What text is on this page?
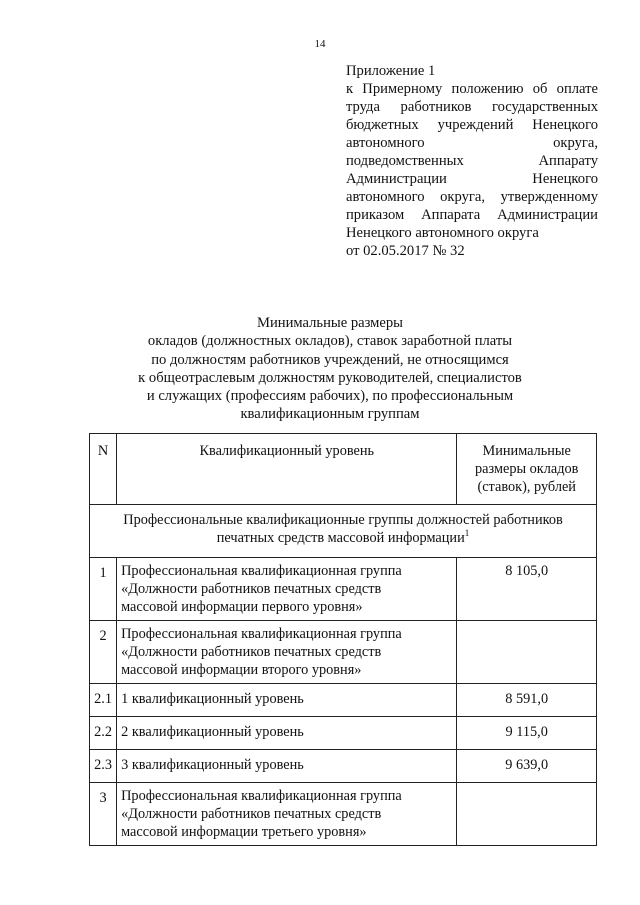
14
Приложение 1
к Примерному положению об оплате
труда работников государственных
бюджетных учреждений Ненецкого
автономного округа,
подведомственных Аппарату
Администрации Ненецкого
автономного округа, утвержденному
приказом Аппарата Администрации
Ненецкого автономного округа
от 02.05.2017 № 32
Минимальные размеры
окладов (должностных окладов), ставок заработной платы
по должностям работников учреждений, не относящимся
к общеотраслевым должностям руководителей, специалистов
и служащих (профессиям рабочих), по профессиональным
квалификационным группам
N	Квалификационный уровень	Минимальные
размеры окладов
(ставок), рублей

Профессиональные квалификационные группы должностей работников
печатных средств массовой информации$^1$

1	Профессиональная квалификационная группа
«Должности работников печатных средств
массовой информации первого уровня»	8 105,0
2	Профессиональная квалификационная группа
«Должности работников печатных средств
массовой информации второго уровня»	

2.1	1 квалификационный уровень	8 591,0
2.2	2 квалификационный уровень	9 115,0
2.3	3 квалификационный уровень	9 639,0
3	Профессиональная квалификационная группа
«Должности работников печатных средств
массовой информации третьего уровня»	
